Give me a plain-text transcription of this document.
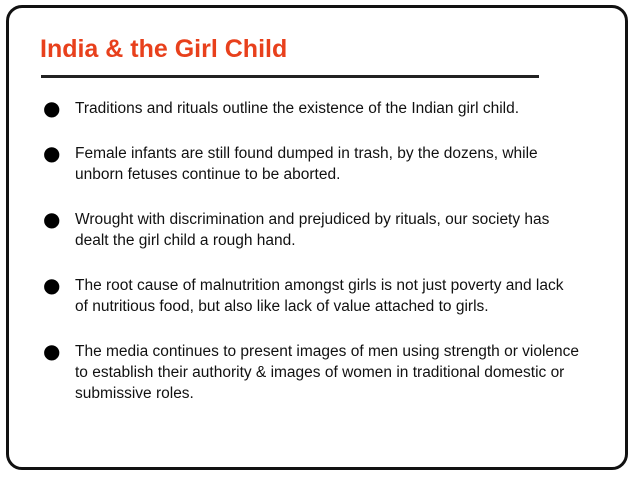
India & the Girl Child
● Traditions and rituals outline the existence of the Indian girl child.
● Female infants are still found dumped in trash, by the dozens, while
unborn fetuses continue to be aborted.
● Wrought with discrimination and prejudiced by rituals, our society has
dealt the girl child a rough hand.
● The root cause of malnutrition amongst girls is not just poverty and lack
of nutritious food, but also like lack of value attached to girls.
● The media continues to present images of men using strength or violence
to establish their authority & images of women in traditional domestic or
submissive roles.
